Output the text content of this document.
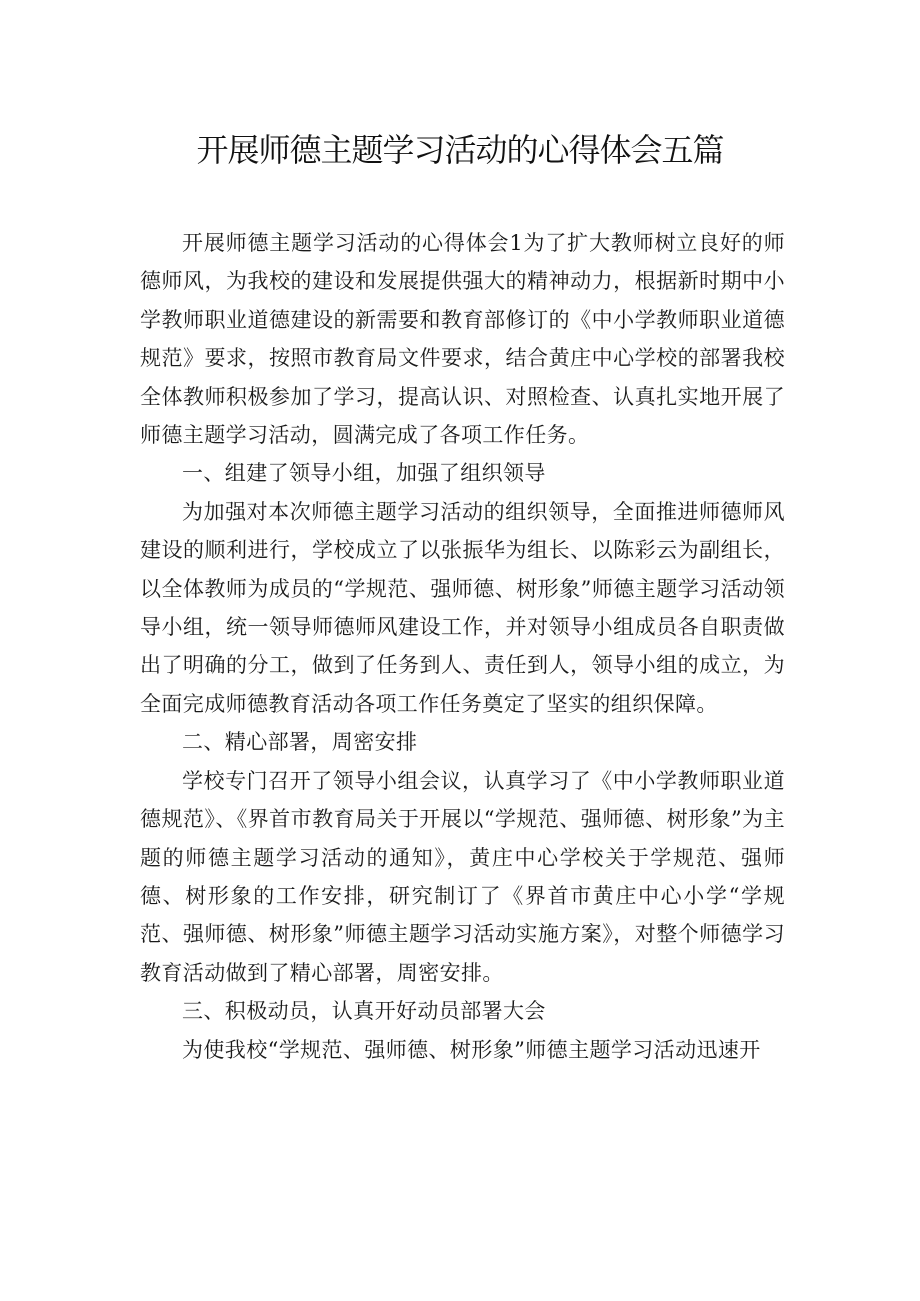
开展师德主题学习活动的心得体会五篇

开展师德主题学习活动的心得体会1为了扩大教师树立良好的师德师风，为我校的建设和发展提供强大的精神动力，根据新时期中小学教师职业道德建设的新需要和教育部修订的《中小学教师职业道德规范》要求，按照市教育局文件要求，结合黄庄中心学校的部署我校全体教师积极参加了学习，提高认识、对照检查、认真扎实地开展了师德主题学习活动，圆满完成了各项工作任务。

一、组建了领导小组，加强了组织领导

为加强对本次师德主题学习活动的组织领导，全面推进师德师风建设的顺利进行，学校成立了以张振华为组长、以陈彩云为副组长，以全体教师为成员的“学规范、强师德、树形象”师德主题学习活动领导小组，统一领导师德师风建设工作，并对领导小组成员各自职责做出了明确的分工，做到了任务到人、责任到人，领导小组的成立，为全面完成师德教育活动各项工作任务奠定了坚实的组织保障。

二、精心部署，周密安排

学校专门召开了领导小组会议，认真学习了《中小学教师职业道德规范》、《界首市教育局关于开展以“学规范、强师德、树形象”为主题的师德主题学习活动的通知》，黄庄中心学校关于学规范、强师德、树形象的工作安排，研究制订了《界首市黄庄中心小学“学规范、强师德、树形象”师德主题学习活动实施方案》，对整个师德学习教育活动做到了精心部署，周密安排。

三、积极动员，认真开好动员部署大会

为使我校“学规范、强师德、树形象”师德主题学习活动迅速开
